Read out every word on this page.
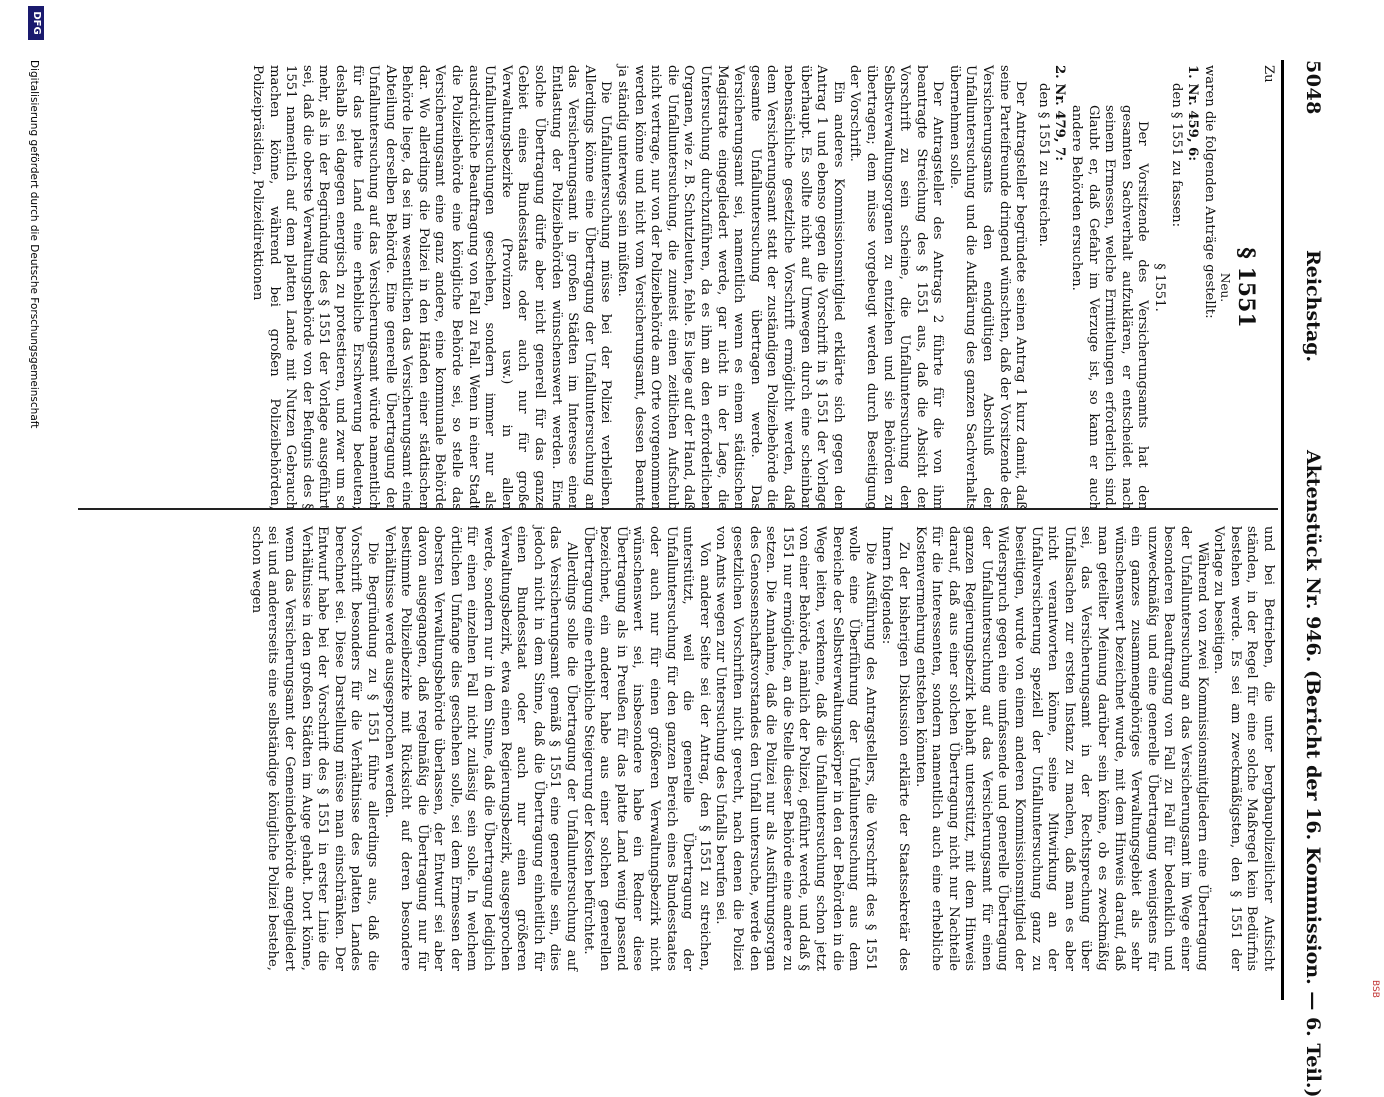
BSB
5048
Reichstag.
Aktenstück Nr. 946.
(Bericht der 16. Kommission. — 6. Teil.)
Zu
§ 1551
Neu.
waren die folgenden Anträge gestellt:
1. Nr. 459, 6:
den § 1551 zu fassen:
§ 1551.
Der Vorsitzende des Versicherungsamts hat den gesamten Sachverhalt aufzuklären, er entscheidet nach seinem Ermessen, welche Ermittelungen erforderlich sind. Glaubt er, daß Gefahr im Verzuge ist, so kann er auch andere Behörden ersuchen.
2. Nr. 479, 7:
den § 1551 zu streichen.
Der Antragsteller begründete seinen Antrag 1 kurz damit, daß seine Parteifreunde dringend wünschten, daß der Vorsitzende des Versicherungsamts den endgültigen Abschluß der Unfalluntersuchung und die Aufklärung des ganzen Sachverhalts übernehmen solle.
Der Antragsteller des Antrags 2 führte für die von ihm beantragte Streichung des § 1551 aus, daß die Absicht der Vorschrift zu sein scheine, die Unfalluntersuchung den Selbstverwaltungsorganen zu entziehen und sie Behörden zu übertragen; dem müsse vorgebeugt werden durch Beseitigung der Vorschrift.
Ein anderes Kommissionsmitglied erklärte sich gegen den Antrag 1 und ebenso gegen die Vorschrift in § 1551 der Vorlage überhaupt. Es sollte nicht auf Umwegen durch eine scheinbar nebensächliche gesetzliche Vorschrift ermöglicht werden, daß dem Versicherungsamt statt der zuständigen Polizeibehörde die gesamte Unfalluntersuchung übertragen werde. Das Versicherungsamt sei, namentlich wenn es einem städtischen Magistrate eingegliedert werde, gar nicht in der Lage, die Untersuchung durchzuführen, da es ihm an den erforderlichen Organen, wie z. B. Schutzleuten, fehle. Es liege auf der Hand, daß die Unfalluntersuchung, die zumeist einen zeitlichen Aufschub nicht vertrage, nur von der Polizeibehörde am Orte vorgenommen werden könne und nicht vom Versicherungsamt, dessen Beamte ja ständig unterwegs sein müßten.
Die Unfalluntersuchung müsse bei der Polizei verbleiben. Allerdings könne eine Übertragung der Unfalluntersuchung an das Versicherungsamt in großen Städten im Interesse einer Entlastung der Polizeibehörden wünschenswert werden. Eine solche Übertragung dürfe aber nicht generell für das ganze Gebiet eines Bundesstaats oder auch nur für große Verwaltungsbezirke (Provinzen usw.) in allen Unfalluntersuchungen geschehen, sondern immer nur als ausdrückliche Beauftragung von Fall zu Fall. Wenn in einer Stadt die Polizeibehörde eine königliche Behörde sei, so stelle das Versicherungsamt eine ganz andere, eine kommunale Behörde dar. Wo allerdings die Polizei in den Händen einer städtischen Behörde liege, da sei im wesentlichen das Versicherungsamt eine Abteilung derselben Behörde. Eine generelle Übertragung der Unfalluntersuchung auf das Versicherungsamt würde namentlich für das platte Land eine erhebliche Erschwerung bedeuten; deshalb sei dagegen energisch zu protestieren, und zwar um so mehr, als in der Begründung des § 1551 der Vorlage ausgeführt sei, daß die oberste Verwaltungsbehörde von der Befugnis des § 1551 namentlich auf dem platten Lande mit Nutzen Gebrauch machen könne, während bei großen Polizeibehörden, Polizeipräsidien, Polizeidirektionen
und bei Betrieben, die unter bergbaupolizeilicher Aufsicht ständen, in der Regel für eine solche Maßregel kein Bedürfnis bestehen werde. Es sei am zweckmäßigsten, den § 1551 der Vorlage zu beseitigen.
Während von zwei Kommissionsmitgliedern eine Übertragung der Unfalluntersuchung an das Versicherungsamt im Wege einer besonderen Beauftragung von Fall zu Fall für bedenklich und unzweckmäßig und eine generelle Übertragung wenigstens für ein ganzes zusammengehöriges Verwaltungsgebiet als sehr wünschenswert bezeichnet wurde, mit dem Hinweis darauf, daß man geteilter Meinung darüber sein könne, ob es zweckmäßig sei, das Versicherungsamt in der Rechtsprechung über Unfallsachen zur ersten Instanz zu machen, daß man es aber nicht verantworten könne, seine Mitwirkung an der Unfallversicherung speziell der Unfalluntersuchung ganz zu beseitigen, wurde von einem anderen Kommissionsmitglied der Widerspruch gegen eine umfassende und generelle Übertragung der Unfalluntersuchung auf das Versicherungsamt für einen ganzen Regierungsbezirk lebhaft unterstützt, mit dem Hinweis darauf, daß aus einer solchen Übertragung nicht nur Nachteile für die Interessenten, sondern namentlich auch eine erhebliche Kostenvermehrung entstehen könnten.
Zu der bisherigen Diskussion erklärte der Staatssekretär des Innern folgendes:
Die Ausführung des Antragstellers, die Vorschrift des § 1551 wolle eine Überführung der Unfalluntersuchung aus dem Bereiche der Selbstverwaltungskörper in den der Behörden in die Wege leiten, verkenne, daß die Unfalluntersuchung schon jetzt von einer Behörde, nämlich der Polizei, geführt werde, und daß § 1551 nur ermögliche, an die Stelle dieser Behörde eine andere zu setzen. Die Annahme, daß die Polizei nur als Ausführungsorgan des Genossenschaftsvorstandes den Unfall untersuche, werde den gesetzlichen Vorschriften nicht gerecht, nach denen die Polizei von Amts wegen zur Untersuchung des Unfalls berufen sei.
Von anderer Seite sei der Antrag, den § 1551 zu streichen, unterstützt, weil die generelle Übertragung der Unfalluntersuchung für den ganzen Bereich eines Bundesstaates oder auch nur für einen größeren Verwaltungsbezirk nicht wünschenswert sei, insbesondere habe ein Redner diese Übertragung als in Preußen für das platte Land wenig passend bezeichnet, ein anderer habe aus einer solchen generellen Übertragung eine erhebliche Steigerung der Kosten befürchtet.
Allerdings solle die Übertragung der Unfalluntersuchung auf das Versicherungsamt gemäß § 1551 eine generelle sein, dies jedoch nicht in dem Sinne, daß die Übertragung einheitlich für einen Bundesstaat oder auch nur einen größeren Verwaltungsbezirk, etwa einen Regierungsbezirk, ausgesprochen werde, sondern nur in dem Sinne, daß die Übertragung lediglich für einen einzelnen Fall nicht zulässig sein solle. In welchem örtlichen Umfange dies geschehen solle, sei dem Ermessen der obersten Verwaltungsbehörde überlassen, der Entwurf sei aber davon ausgegangen, daß regelmäßig die Übertragung nur für bestimmte Polizeibezirke mit Rücksicht auf deren besondere Verhältnisse werde ausgesprochen werden.
Die Begründung zu § 1551 führe allerdings aus, daß die Vorschrift besonders für die Verhältnisse des platten Landes berechnet sei. Diese Darstellung müsse man einschränken. Der Entwurf habe bei der Vorschrift des § 1551 in erster Linie die Verhältnisse in den großen Städten im Auge gehabt. Dort könne, wenn das Versicherungsamt der Gemeindebehörde angegliedert sei und andererseits eine selbständige königliche Polizei bestehe, schon wegen
DFG
Digitalisierung gefördert durch die Deutsche Forschungsgemeinschaft
